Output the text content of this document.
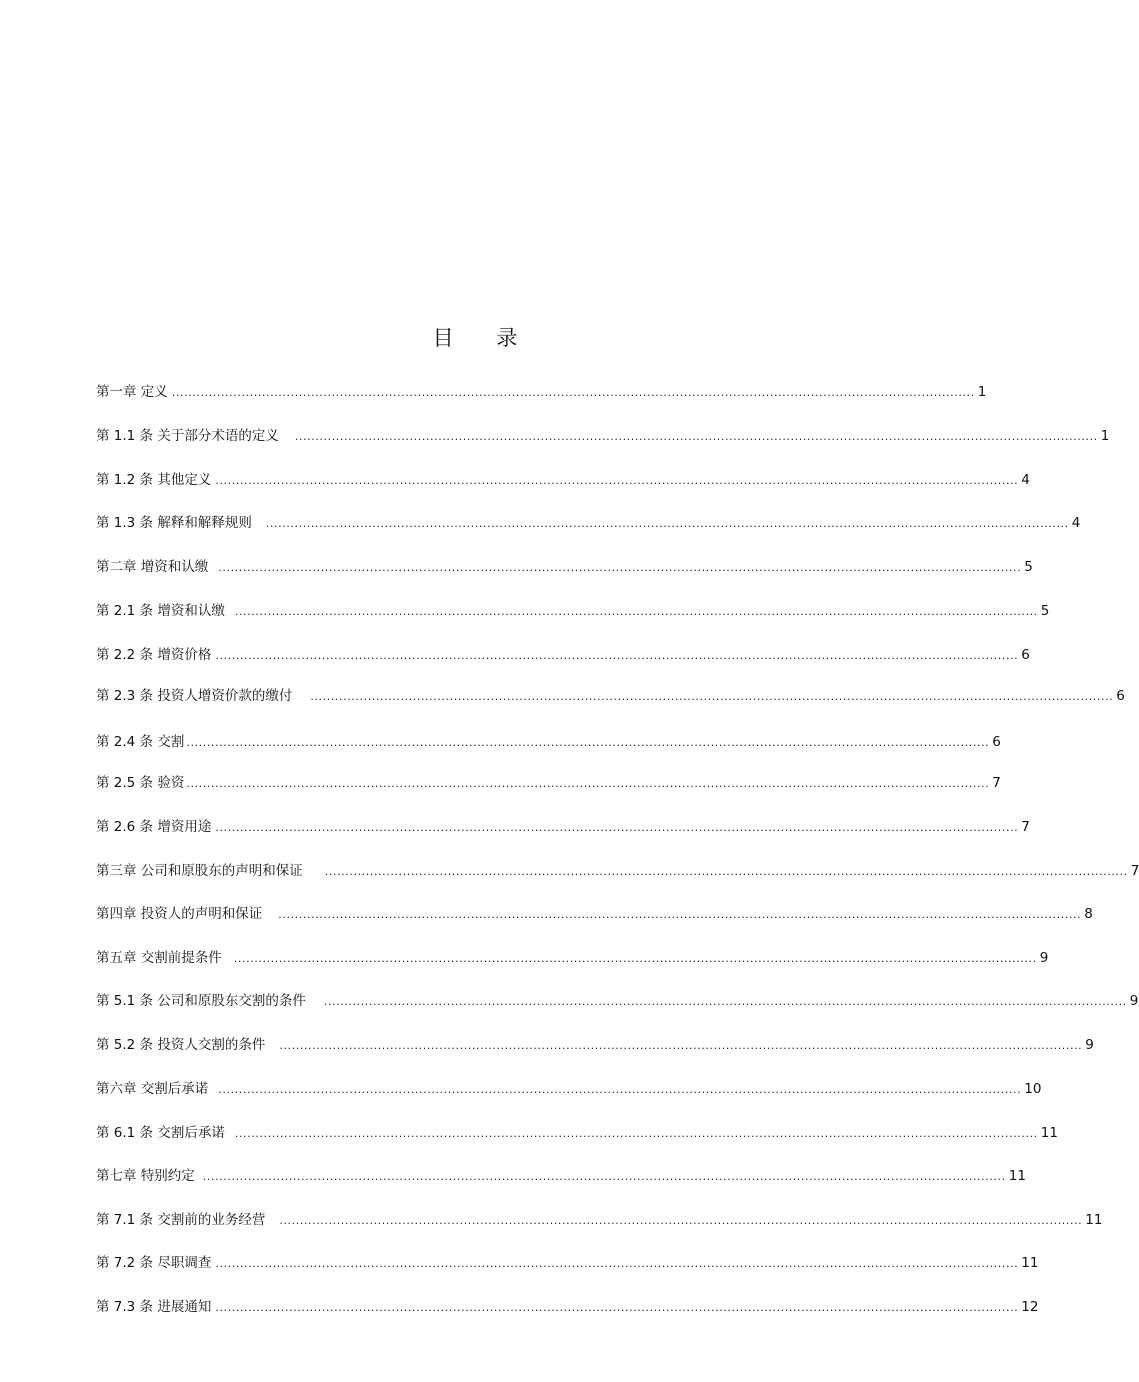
目 录
第一章 定义 .................................................................................................................................................................................................... 1
第 1.1 条 关于部分术语的定义 .................................................................................................................................................................................................... 1
第 1.2 条 其他定义 .................................................................................................................................................................................................... 4
第 1.3 条 解释和解释规则 .................................................................................................................................................................................................... 4
第二章 增资和认缴 .................................................................................................................................................................................................... 5
第 2.1 条 增资和认缴 .................................................................................................................................................................................................... 5
第 2.2 条 增资价格 .................................................................................................................................................................................................... 6
第 2.3 条 投资人增资价款的缴付 .................................................................................................................................................................................................... 6
第 2.4 条 交割 .................................................................................................................................................................................................... 6
第 2.5 条 验资 .................................................................................................................................................................................................... 7
第 2.6 条 增资用途 .................................................................................................................................................................................................... 7
第三章 公司和原股东的声明和保证 .................................................................................................................................................................................................... 7
第四章 投资人的声明和保证 .................................................................................................................................................................................................... 8
第五章 交割前提条件 .................................................................................................................................................................................................... 9
第 5.1 条 公司和原股东交割的条件 .................................................................................................................................................................................................... 9
第 5.2 条 投资人交割的条件 .................................................................................................................................................................................................... 9
第六章 交割后承诺 .................................................................................................................................................................................................... 10
第 6.1 条 交割后承诺 .................................................................................................................................................................................................... 11
第七章 特别约定 .................................................................................................................................................................................................... 11
第 7.1 条 交割前的业务经营 .................................................................................................................................................................................................... 11
第 7.2 条 尽职调查 .................................................................................................................................................................................................... 11
第 7.3 条 进展通知 .................................................................................................................................................................................................... 12
